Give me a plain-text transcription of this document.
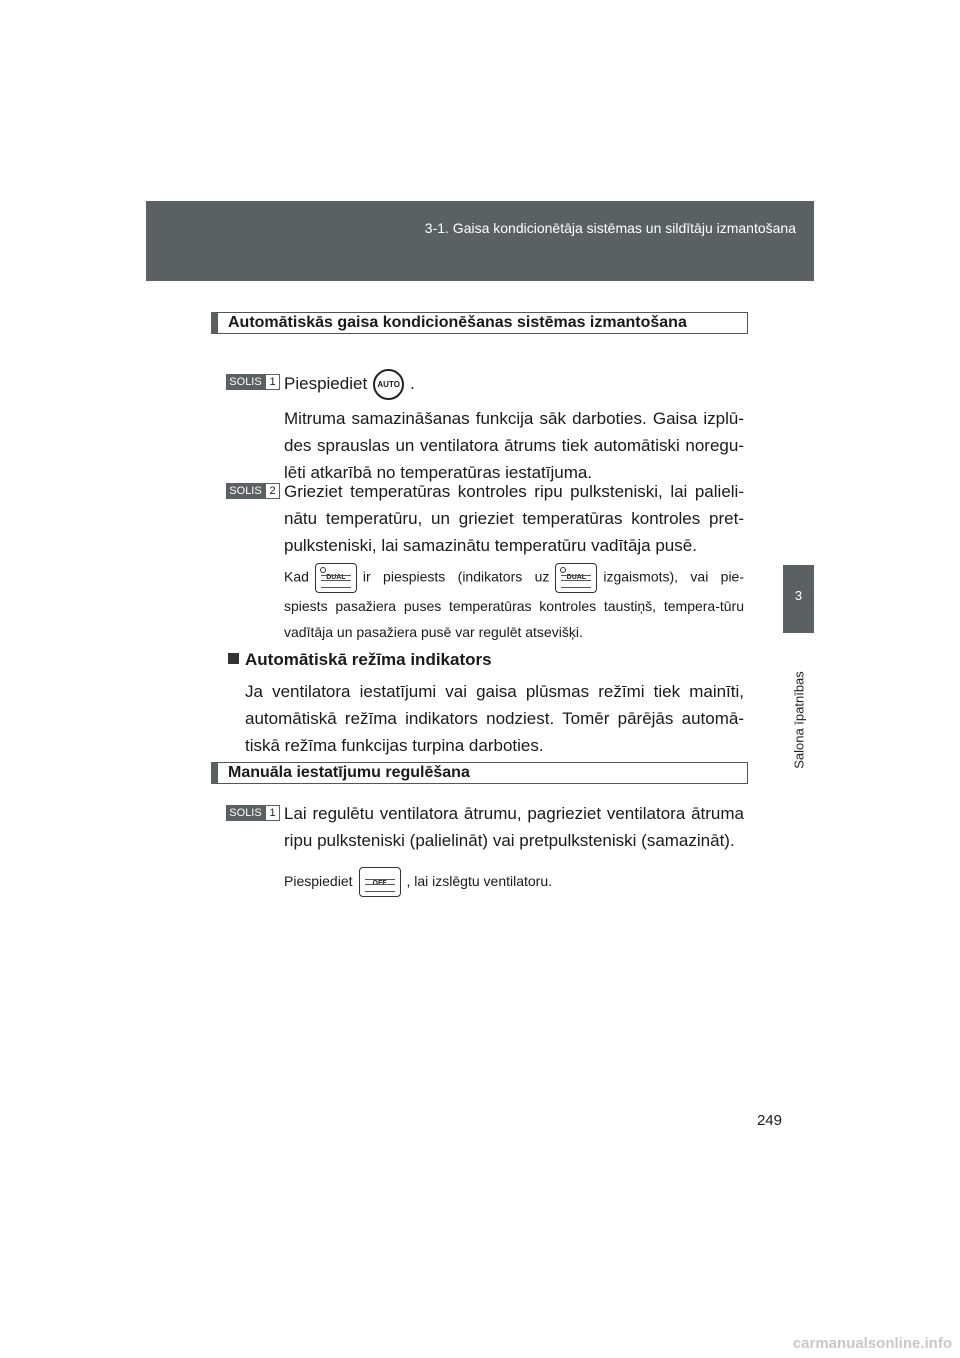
3-1. Gaisa kondicionētāja sistēmas un sildītāju izmantošana
3
Salona īpatnības
Automātiskās gaisa kondicionēšanas sistēmas izmantošana
SOLIS 1 Piespiediet AUTO .
Mitruma samazināšanas funkcija sāk darboties. Gaisa izplū-des sprauslas un ventilatora ātrums tiek automātiski noregu-lēti atkarībā no temperatūras iestatījuma.
SOLIS 2 Grieziet temperatūras kontroles ripu pulksteniski, lai palieli-nātu temperatūru, un grieziet temperatūras kontroles pret-pulksteniski, lai samazinātu temperatūru vadītāja pusē.
Kad	DUAL	ir piespiests (indikators uz	DUAL	izgaismots), vai pie-spiests pasažiera puses temperatūras kontroles taustiņš, tempera-tūru vadītāja un pasažiera pusē var regulēt atsevišķi.
Automātiskā režīma indikators
Ja ventilatora iestatījumi vai gaisa plūsmas režīmi tiek mainīti, automātiskā režīma indikators nodziest. Tomēr pārējās automā-tiskā režīma funkcijas turpina darboties.
Manuāla iestatījumu regulēšana
SOLIS 1 Lai regulētu ventilatora ātrumu, pagrieziet ventilatora ātruma ripu pulksteniski (palielināt) vai pretpulksteniski (samazināt).
Piespiediet	OFF	, lai izslēgtu ventilatoru.
249
carmanualsonline.info
